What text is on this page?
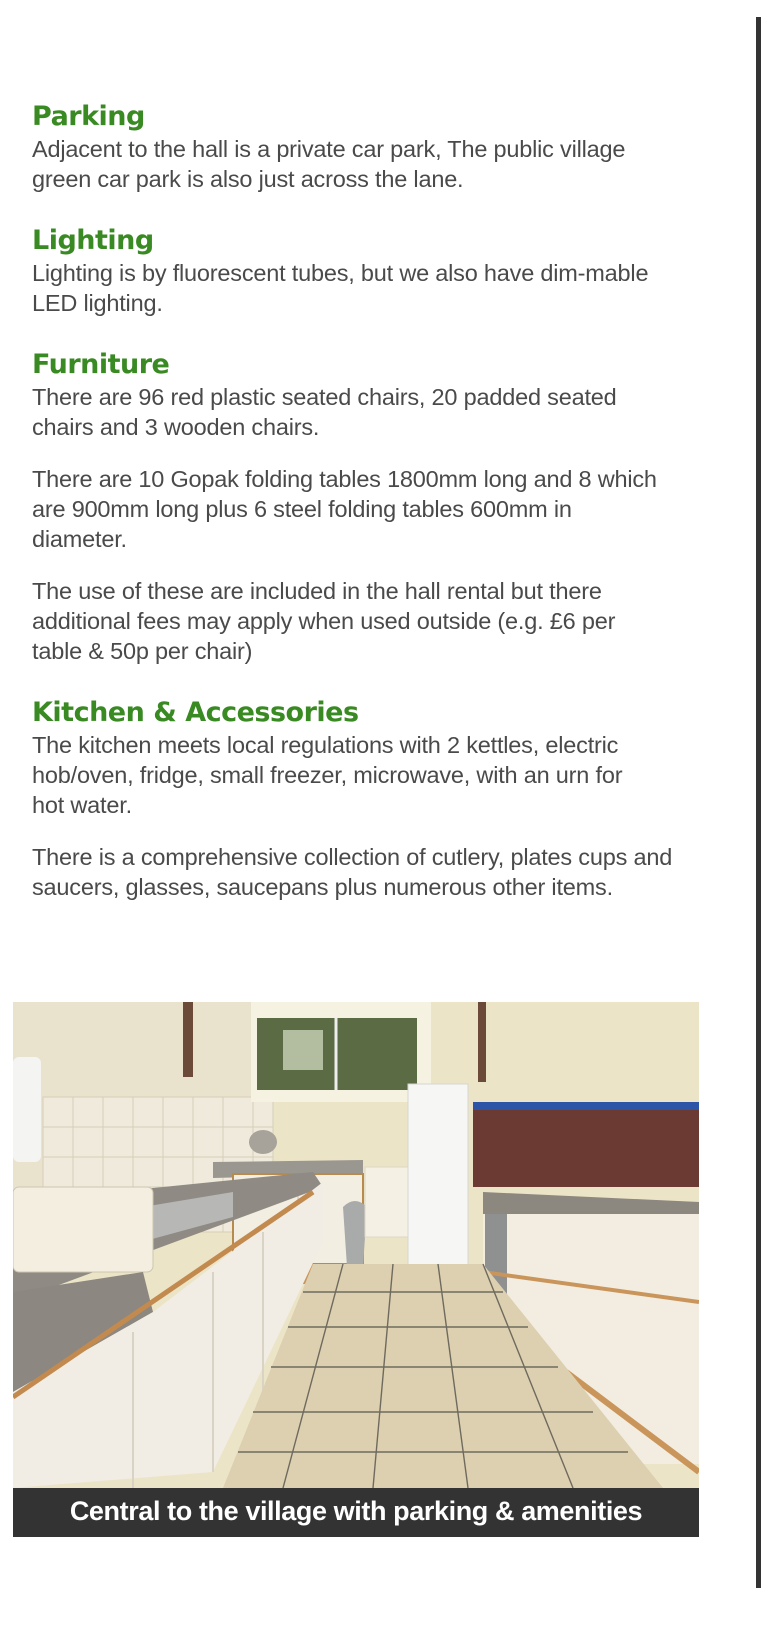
Parking

Adjacent to the hall is a private car park, The public village green car park is also just across the lane.

Lighting

Lighting is by fluorescent tubes, but we also have dim-mable LED lighting.

Furniture

There are 96 red plastic seated chairs, 20 padded seated chairs and 3 wooden chairs.

There are 10 Gopak folding tables 1800mm long and 8 which are 900mm long plus 6 steel folding tables 600mm in diameter.

The use of these are included in the hall rental but there additional fees may apply when used outside (e.g. £6 per table & 50p per chair)

Kitchen & Accessories

The kitchen meets local regulations with 2 kettles, electric hob/oven, fridge, small freezer, microwave, with an urn for hot water.

There is a comprehensive collection of cutlery, plates cups and saucers, glasses, saucepans plus numerous other items.

Central to the village with parking & amenities
